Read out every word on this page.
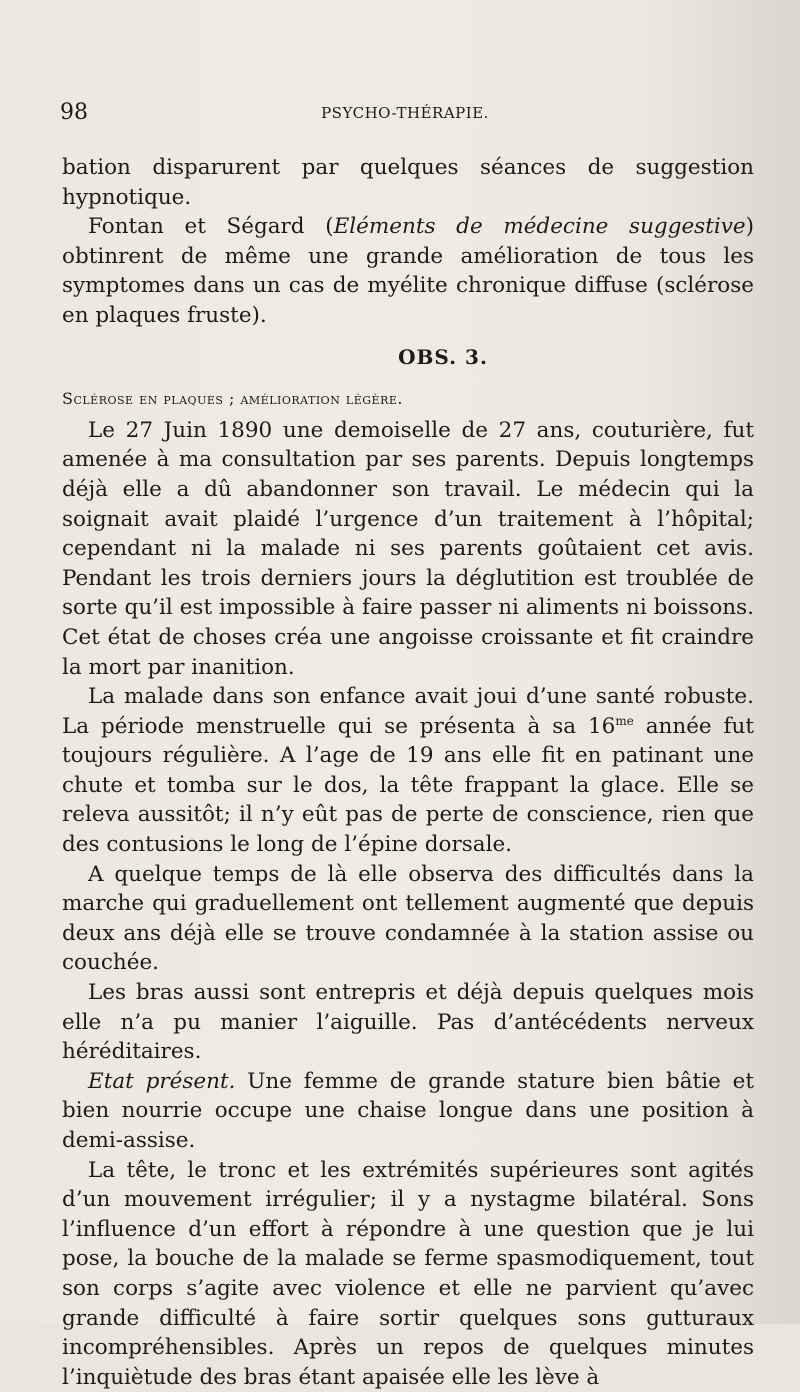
98	PSYCHO-THÉRAPIE.

bation disparurent par quelques séances de suggestion hypnotique.

Fontan et Ségard (Eléments de médecine suggestive) obtinrent de même une grande amélioration de tous les symptomes dans un cas de myélite chronique diffuse (sclérose en plaques fruste).

OBS. 3.
Sclérose en plaques ; amélioration légère.

Le 27 Juin 1890 une demoiselle de 27 ans, couturière, fut amenée à ma consultation par ses parents. Depuis longtemps déjà elle a dû abandonner son travail. Le médecin qui la soignait avait plaidé l’urgence d’un traitement à l’hôpital; cependant ni la malade ni ses parents goûtaient cet avis. Pendant les trois derniers jours la déglutition est troublée de sorte qu’il est impossible à faire passer ni aliments ni boissons. Cet état de choses créa une angoisse croissante et fit craindre la mort par inanition.

La malade dans son enfance avait joui d’une santé robuste. La période menstruelle qui se présenta à sa $16^{me}$ année fut toujours régulière. A l’age de 19 ans elle fit en patinant une chute et tomba sur le dos, la tête frappant la glace. Elle se releva aussitôt; il n’y eût pas de perte de conscience, rien que des contusions le long de l’épine dorsale.

A quelque temps de là elle observa des difficultés dans la marche qui graduellement ont tellement augmenté que depuis deux ans déjà elle se trouve condamnée à la station assise ou couchée.

Les bras aussi sont entrepris et déjà depuis quelques mois elle n’a pu manier l’aiguille. Pas d’antécédents nerveux héréditaires.

Etat présent. Une femme de grande stature bien bâtie et bien nourrie occupe une chaise longue dans une position à demi-assise.

La tête, le tronc et les extrémités supérieures sont agités d’un mouvement irrégulier; il y a nystagme bilatéral. Sons l’influence d’un effort à répondre à une question que je lui pose, la bouche de la malade se ferme spasmodiquement, tout son corps s’agite avec violence et elle ne parvient qu’avec grande difficulté à faire sortir quelques sons gutturaux incompréhensibles. Après un repos de quelques minutes l’inquiètude des bras étant apaisée elle les lève à
